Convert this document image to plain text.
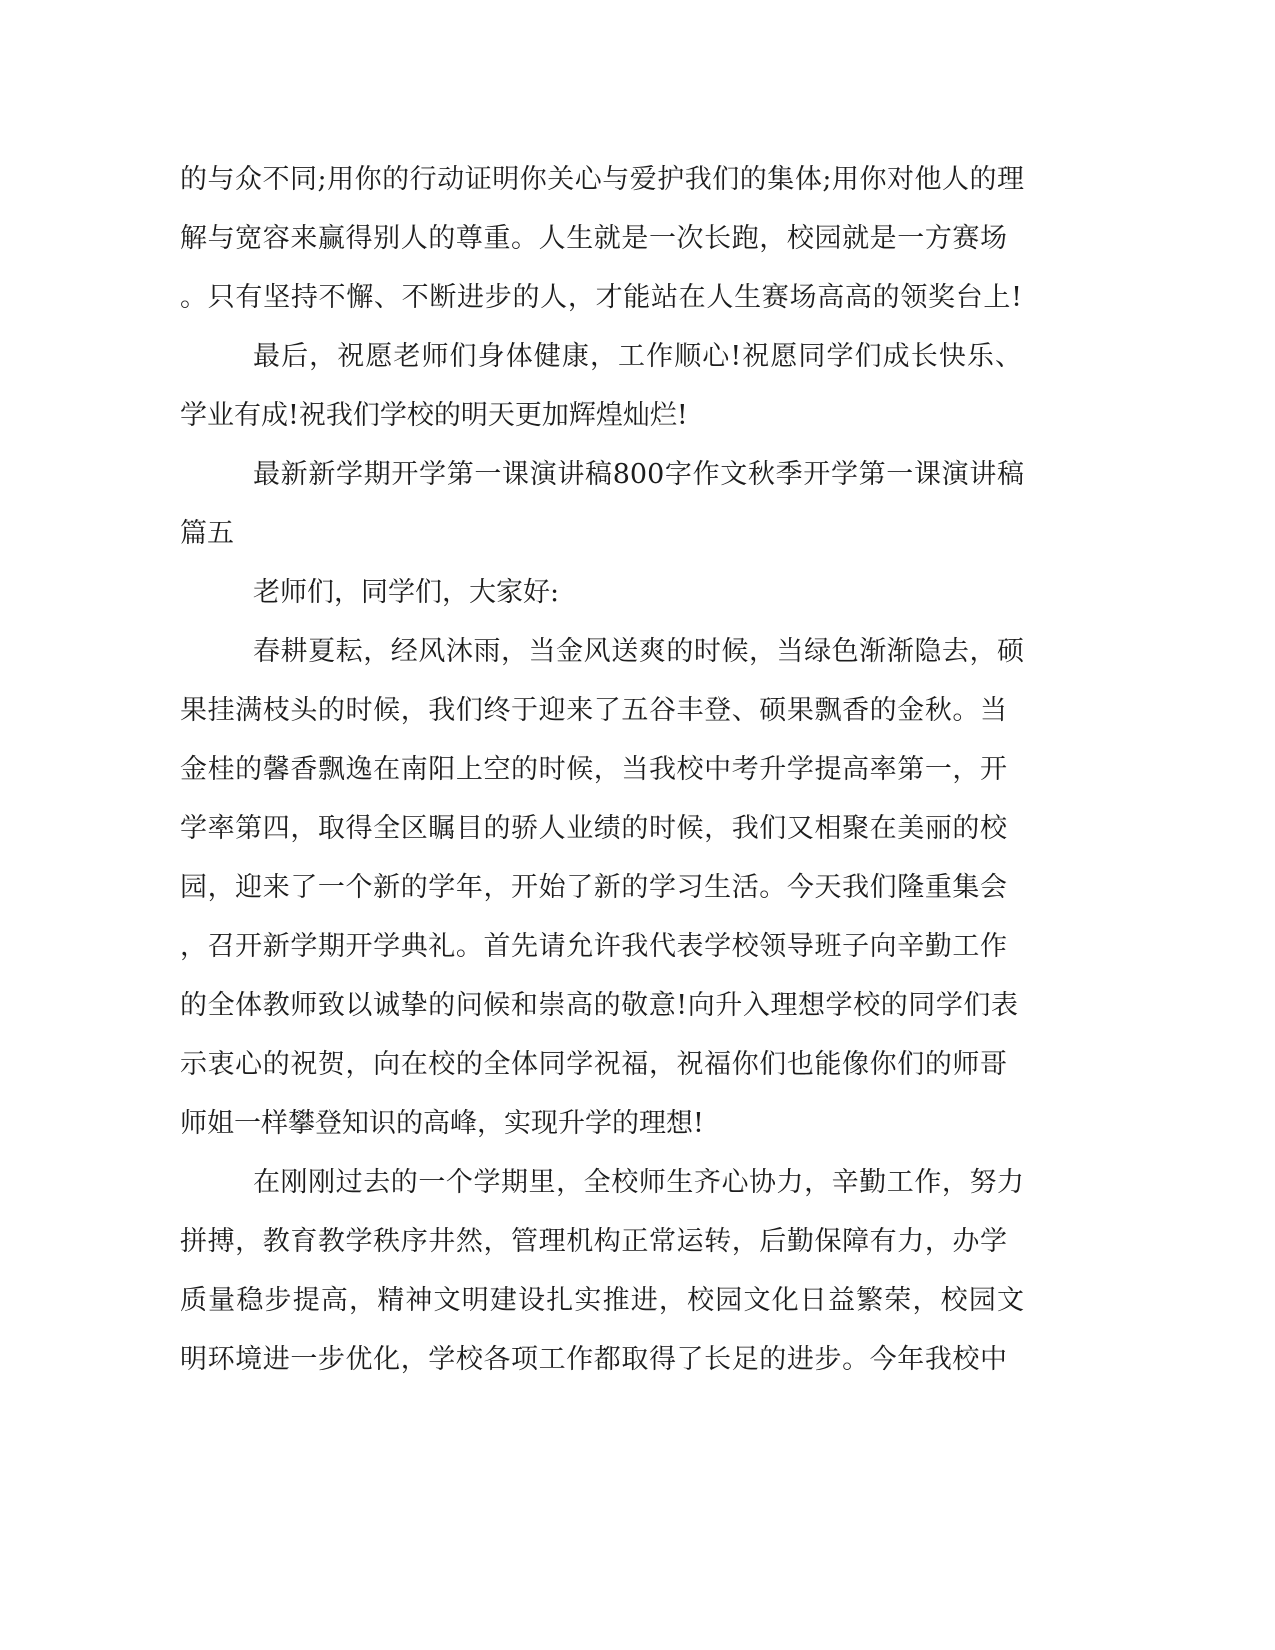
的与众不同;用你的行动证明你关心与爱护我们的集体;用你对他人的理
解与宽容来赢得别人的尊重。人生就是一次长跑，校园就是一方赛场
。只有坚持不懈、不断进步的人，才能站在人生赛场高高的领奖台上!
最后，祝愿老师们身体健康，工作顺心!祝愿同学们成长快乐、
学业有成!祝我们学校的明天更加辉煌灿烂!
最新新学期开学第一课演讲稿800字作文秋季开学第一课演讲稿
篇五
老师们，同学们，大家好:
春耕夏耘，经风沐雨，当金风送爽的时候，当绿色渐渐隐去，硕
果挂满枝头的时候，我们终于迎来了五谷丰登、硕果飘香的金秋。当
金桂的馨香飘逸在南阳上空的时候，当我校中考升学提高率第一，开
学率第四，取得全区瞩目的骄人业绩的时候，我们又相聚在美丽的校
园，迎来了一个新的学年，开始了新的学习生活。今天我们隆重集会
，召开新学期开学典礼。首先请允许我代表学校领导班子向辛勤工作
的全体教师致以诚挚的问候和崇高的敬意!向升入理想学校的同学们表
示衷心的祝贺，向在校的全体同学祝福，祝福你们也能像你们的师哥
师姐一样攀登知识的高峰，实现升学的理想!
在刚刚过去的一个学期里，全校师生齐心协力，辛勤工作，努力
拼搏，教育教学秩序井然，管理机构正常运转，后勤保障有力，办学
质量稳步提高，精神文明建设扎实推进，校园文化日益繁荣，校园文
明环境进一步优化，学校各项工作都取得了长足的进步。今年我校中
